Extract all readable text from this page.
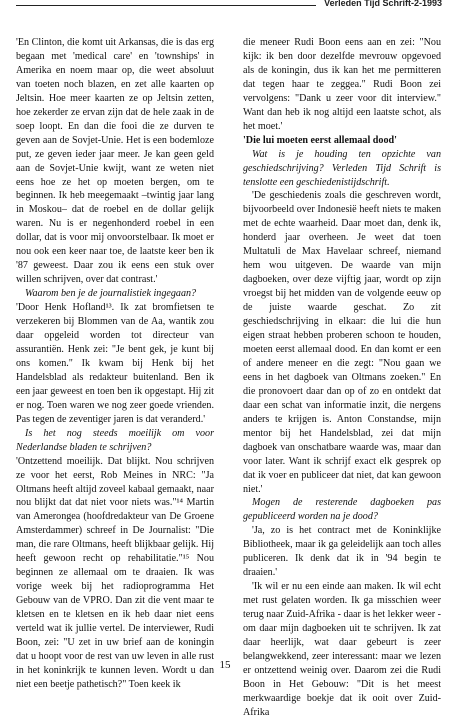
Verleden Tijd Schrift-2-1993

'En Clinton, die komt uit Arkansas, die is das erg begaan met 'medical care' en 'townships' in Amerika en noem maar op, die weet absoluut van toeten noch blazen, en zet alle kaarten op Jeltsin. Hoe meer kaarten ze op Jeltsin zetten, hoe zekerder ze ervan zijn dat de hele zaak in de soep loopt. En dan die fooi die ze durven te geven aan de Sovjet-Unie. Het is een bodemloze put, ze geven ieder jaar meer. Je kan geen geld aan de Sovjet-Unie kwijt, want ze weten niet eens hoe ze het op moeten bergen, om te beginnen. Ik heb meegemaakt –twintig jaar lang in Moskou– dat de roebel en de dollar gelijk waren. Nu is er negenhonderd roebel in een dollar, dat is voor mij onvoorstelbaar. Ik moet er nou ook een keer naar toe, de laatste keer ben ik '87 geweest. Daar zou ik eens een stuk over willen schrijven, over dat contrast.'

Waarom ben je de journalistiek ingegaan?

'Door Henk Hofland¹³. Ik zat bromfietsen te verzekeren bij Blommen van de Aa, wantik zou daar opgeleid worden tot directeur van assurantiën. Henk zei: "Je bent gek, je kunt bij ons komen." Ik kwam bij Henk bij het Handelsblad als redakteur buitenland. Ben ik een jaar geweest en toen ben ik opgestapt. Hij zit er nog. Toen waren we nog zeer goede vrienden. Pas tegen de zeventiger jaren is dat veranderd.'

Is het nog steeds moeilijk om voor Nederlandse bladen te schrijven?

'Ontzettend moeilijk. Dat blijkt. Nou schrijven ze voor het eerst, Rob Meines in NRC: "Ja Oltmans heeft altijd zoveel kabaal gemaakt, naar nou blijkt dat dat niet voor niets was."¹⁴ Martin van Amerongea (hoofdredakteur van De Groene Amsterdammer) schreef in De Journalist: "Die man, die rare Oltmans, heeft blijkbaar gelijk. Hij heeft gewoon recht op rehabilitatie."¹⁵ Nou beginnen ze allemaal om te draaien. Ik was vorige week bij het radioprogramma Het Gebouw van de VPRO. Dan zit die vent maar te kletsen en te kletsen en ik heb daar niet eens verteld wat ik jullie vertel. De interviewer, Rudi Boon, zei: "U zet in uw brief aan de koningin dat u hoopt voor de rest van uw leven in alle rust in het koninkrijk te kunnen leven. Wordt u dan niet een beetje pathetisch?" Toen keek ik

die meneer Rudi Boon eens aan en zei: "Nou kijk: ik ben door dezelfde mevrouw opgevoed als de koningin, dus ik kan het me permitteren dat tegen haar te zeggea." Rudi Boon zei vervolgens: "Dank u zeer voor dit interview." Want dan heb ik nog altijd een laatste schot, als het moet.'

'Die lui moeten eerst allemaal dood'

Wat is je houding ten opzichte van geschiedschrijving? Verleden Tijd Schrift is tenslotte een geschiedenistijdschrift.

'De geschiedenis zoals die geschreven wordt, bijvoorbeeld over Indonesië heeft niets te maken met de echte waarheid. Daar moet dan, denk ik, honderd jaar overheen. Je weet dat toen Multatuli de Max Havelaar schreef, niemand hem wou uitgeven. De waarde van mijn dagboeken, over deze vijftig jaar, wordt op zijn vroegst bij het midden van de volgende eeuw op de juiste waarde geschat. Zo zit geschiedschrijving in elkaar: die lui die hun eigen straat hebben proberen schoon te houden, moeten eerst allemaal dood. En dan komt er een of andere meneer en die zegt: "Nou gaan we eens in het dagboek van Oltmans zoeken." En die pronovoert daar dan op of zo en ontdekt dat daar een schat van informatie inzit, die nergens anders te krijgen is. Anton Constandse, mijn mentor bij het Handelsblad, zei dat mijn dagboek van onschatbare waarde was, maar dan voor later. Want ik schrijf exact elk gesprek op dat ik voer en publiceer dat niet, dat kan gewoon niet.'

Mogen de resterende dagboeken pas gepubliceerd worden na je dood?

'Ja, zo is het contract met de Koninklijke Bibliotheek, maar ik ga geleidelijk aan toch alles publiceren. Ik denk dat ik in '94 begin te draaien.'

'Ik wil er nu een einde aan maken. Ik wil echt met rust gelaten worden. Ik ga misschien weer terug naar Zuid-Afrika - daar is het lekker weer - om daar mijn dagboeken uit te schrijven. Ik zat daar heerlijk, wat daar gebeurt is zeer belangwekkend, zeer interessant: maar we lezen er ontzettend weinig over. Daarom zei die Rudi Boon in Het Gebouw: "Dit is het meest merkwaardige boekje dat ik ooit over Zuid-Afrika

15
